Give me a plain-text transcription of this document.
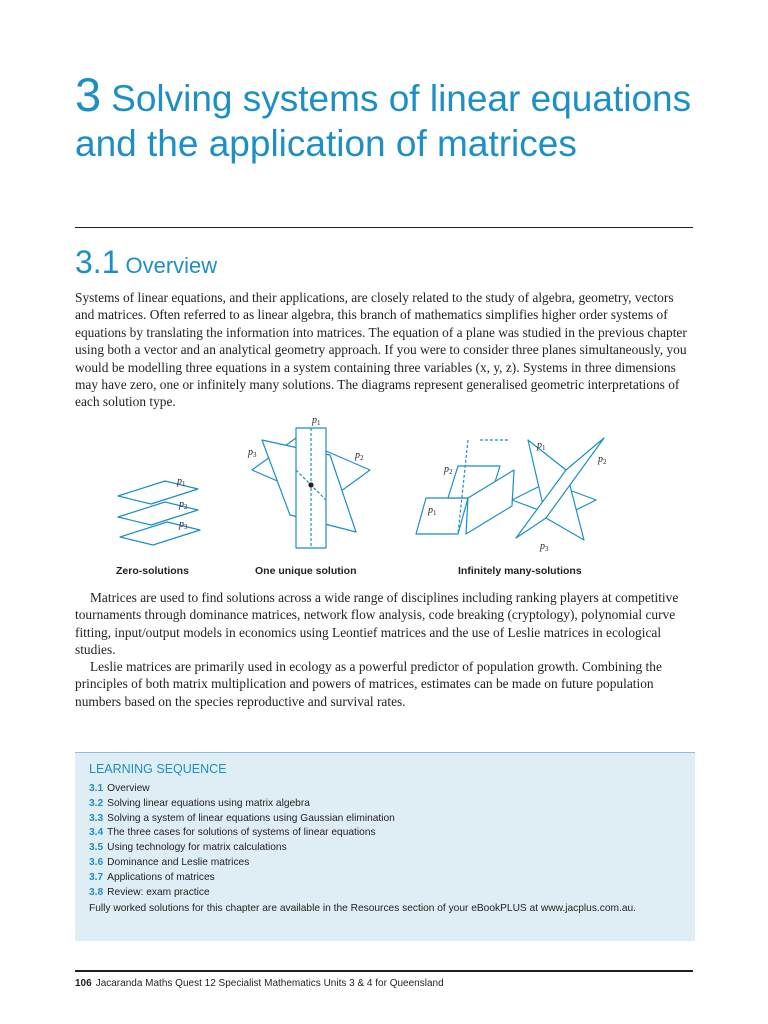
3 Solving systems of linear equations and the application of matrices
3.1 Overview

Systems of linear equations, and their applications, are closely related to the study of algebra, geometry, vectors and matrices. Often referred to as linear algebra, this branch of mathematics simplifies higher order systems of equations by translating the information into matrices. The equation of a plane was studied in the previous chapter using both a vector and an analytical geometry approach. If you were to consider three planes simultaneously, you would be modelling three equations in a system containing three variables (x, y, z). Systems in three dimensions may have zero, one or infinitely many solutions. The diagrams represent generalised geometric interpretations of each solution type.

$p_1$
$p_2$
$p_3$
$p_1$
$p_2$
$p_3$
$p_1$
$p_2$
$p_1$
$p_2$
$p_3$
Zero-solutions	One unique solution	Infinitely many-solutions

Matrices are used to find solutions across a wide range of disciplines including ranking players at competitive tournaments through dominance matrices, network flow analysis, code breaking (cryptology), polynomial curve fitting, input/output models in economics using Leontief matrices and the use of Leslie matrices in ecological studies.

Leslie matrices are primarily used in ecology as a powerful predictor of population growth. Combining the principles of both matrix multiplication and powers of matrices, estimates can be made on future population numbers based on the species reproductive and survival rates.

LEARNING SEQUENCE
3.1 Overview
3.2 Solving linear equations using matrix algebra
3.3 Solving a system of linear equations using Gaussian elimination
3.4 The three cases for solutions of systems of linear equations
3.5 Using technology for matrix calculations
3.6 Dominance and Leslie matrices
3.7 Applications of matrices
3.8 Review: exam practice

Fully worked solutions for this chapter are available in the Resources section of your eBookPLUS at www.jacplus.com.au.

106 Jacaranda Maths Quest 12 Specialist Mathematics Units 3 & 4 for Queensland
